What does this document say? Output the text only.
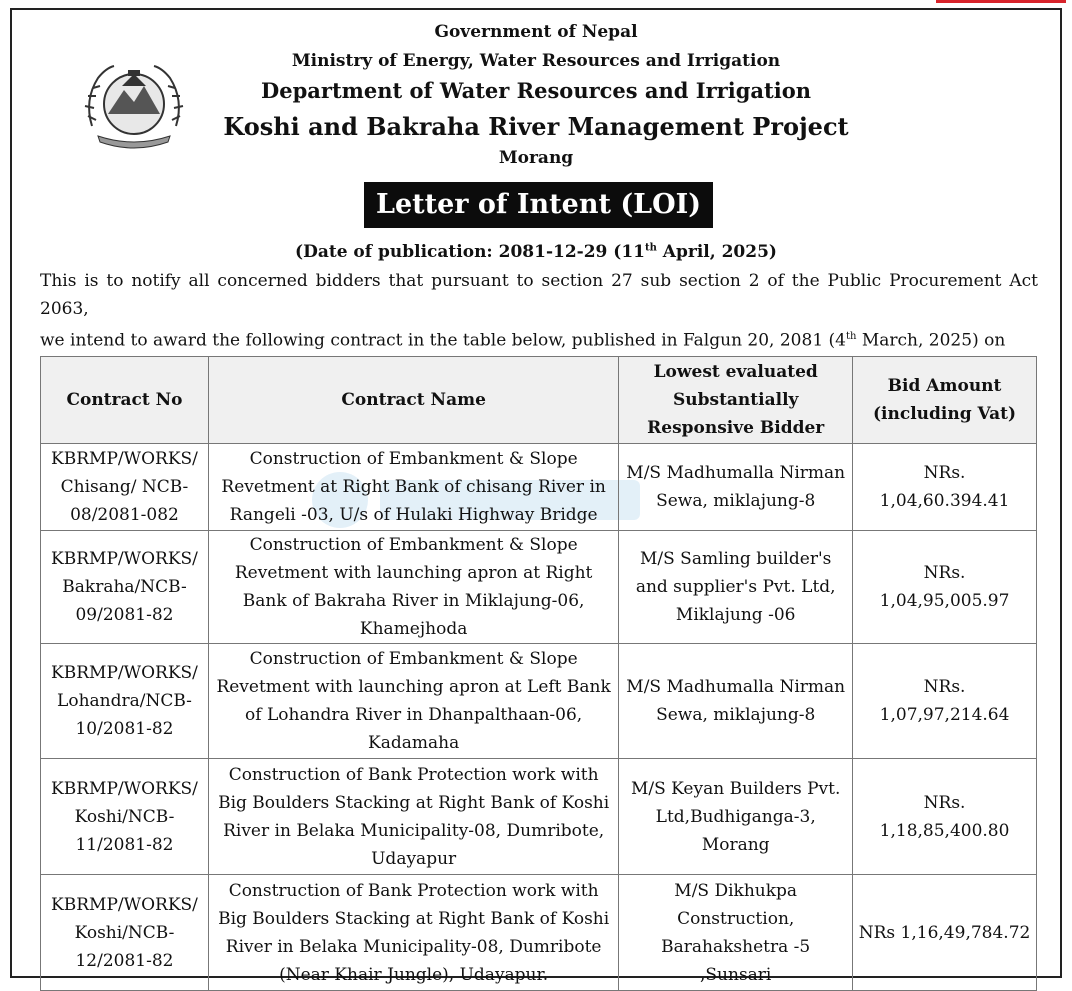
Government of Nepal
Ministry of Energy, Water Resources and Irrigation
Department of Water Resources and Irrigation
Koshi and Bakraha River Management Project
Morang
Letter of Intent (LOI)
(Date of publication: 2081-12-29 (11th April, 2025)
This is to notify all concerned bidders that pursuant to section 27 sub section 2 of the Public Procurement Act 2063,
we intend to award the following contract in the table below, published in Falgun 20, 2081 (4th March, 2025) on
Contract No	Contract Name	Lowest evaluated Substantially Responsive Bidder	Bid Amount (including Vat)
KBRMP/WORKS/ Chisang/ NCB-08/2081-082	Construction of Embankment & Slope Revetment at Right Bank of chisang River in Rangeli -03, U/s of Hulaki Highway Bridge	M/S Madhumalla Nirman Sewa, miklajung-8	NRs. 1,04,60.394.41
KBRMP/WORKS/ Bakraha/NCB-09/2081-82	Construction of Embankment & Slope Revetment with launching apron at Right Bank of Bakraha River in Miklajung-06, Khamejhoda	M/S Samling builder's and supplier's Pvt. Ltd, Miklajung -06	NRs. 1,04,95,005.97
KBRMP/WORKS/ Lohandra/NCB-10/2081-82	Construction of Embankment & Slope Revetment with launching apron at Left Bank of Lohandra River in Dhanpalthaan-06, Kadamaha	M/S Madhumalla Nirman Sewa, miklajung-8	NRs. 1,07,97,214.64
KBRMP/WORKS/ Koshi/NCB-11/2081-82	Construction of Bank Protection work with Big Boulders Stacking at Right Bank of Koshi River in Belaka Municipality-08, Dumribote, Udayapur	M/S Keyan Builders Pvt. Ltd,Budhiganga-3, Morang	NRs. 1,18,85,400.80
KBRMP/WORKS/ Koshi/NCB-12/2081-82	Construction of Bank Protection work with Big Boulders Stacking at Right Bank of Koshi River in Belaka Municipality-08, Dumribote (Near Khair Jungle), Udayapur.	M/S Dikhukpa Construction, Barahakshetra -5 ,Sunsari	NRs 1,16,49,784.72
